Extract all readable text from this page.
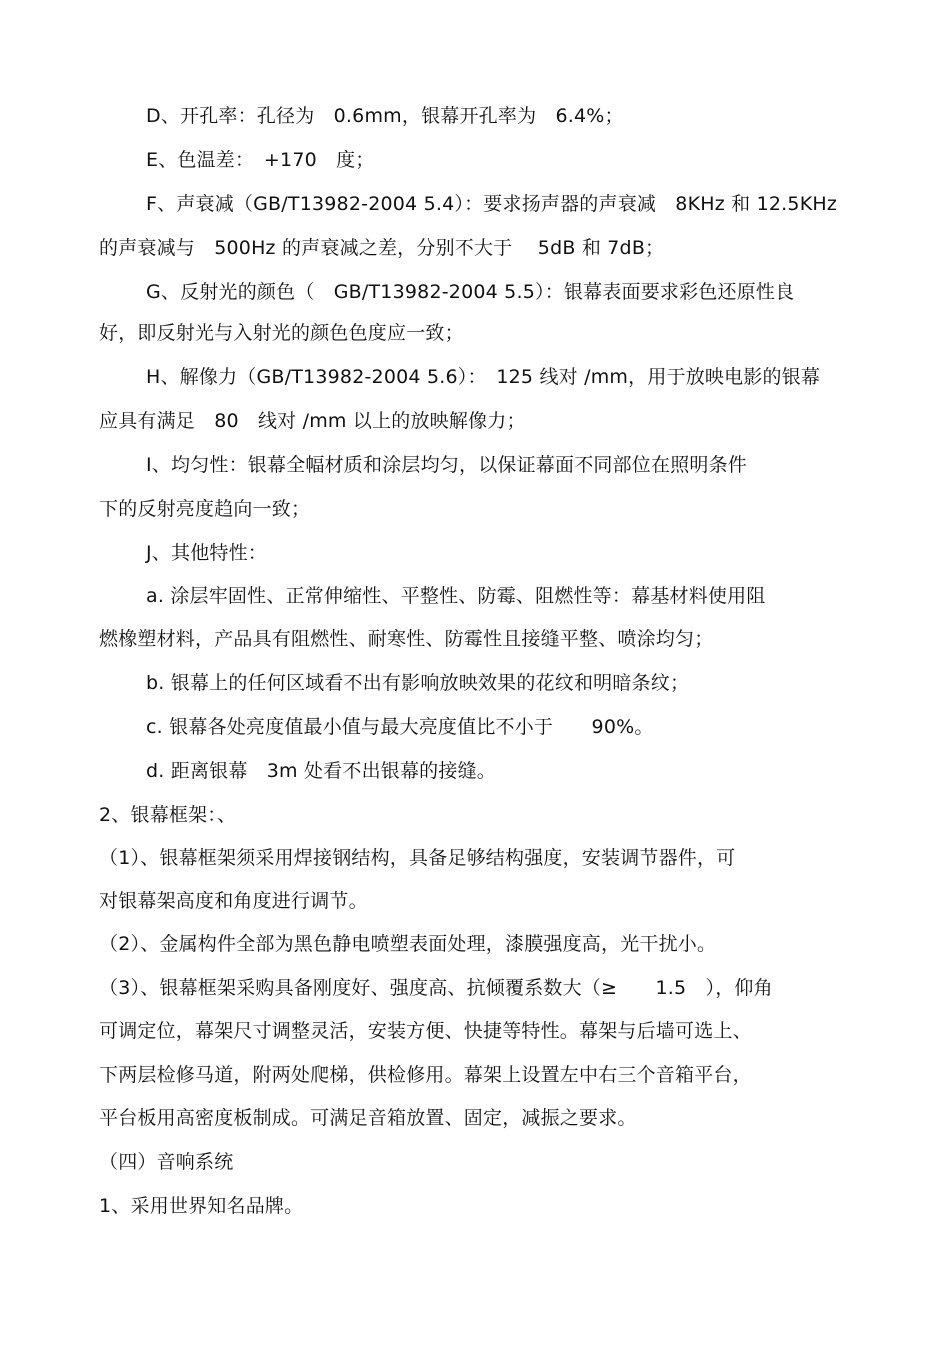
D、开孔率：孔径为　0.6mm，银幕开孔率为　6.4%；
E、色温差：　+170　度；
F、声衰减（GB/T13982-2004 5.4）：要求扬声器的声衰减　8KHz 和 12.5KHz
的声衰减与　500Hz 的声衰减之差，分别不大于　 5dB 和 7dB；
G、反射光的颜色（　GB/T13982-2004 5.5）：银幕表面要求彩色还原性良
好，即反射光与入射光的颜色色度应一致；
H、解像力（GB/T13982-2004 5.6）：　125 线对 /mm，用于放映电影的银幕
应具有满足　80　线对 /mm 以上的放映解像力；
I、均匀性：银幕全幅材质和涂层均匀，以保证幕面不同部位在照明条件
下的反射亮度趋向一致；
J、其他特性：
a. 涂层牢固性、正常伸缩性、平整性、防霉、阻燃性等：幕基材料使用阻
燃橡塑材料，产品具有阻燃性、耐寒性、防霉性且接缝平整、喷涂均匀；
b. 银幕上的任何区域看不出有影响放映效果的花纹和明暗条纹；
c. 银幕各处亮度值最小值与最大亮度值比不小于　　90%。
d. 距离银幕　3m 处看不出银幕的接缝。
2、银幕框架：、
（1）、银幕框架须采用焊接钢结构，具备足够结构强度，安装调节器件，可
对银幕架高度和角度进行调节。
（2）、金属构件全部为黑色静电喷塑表面处理，漆膜强度高，光干扰小。
（3）、银幕框架采购具备刚度好、强度高、抗倾覆系数大（≥　　1.5　），仰角
可调定位，幕架尺寸调整灵活，安装方便、快捷等特性。幕架与后墙可选上、
下两层检修马道，附两处爬梯，供检修用。幕架上设置左中右三个音箱平台，
平台板用高密度板制成。可满足音箱放置、固定，减振之要求。
（四）音响系统
1、采用世界知名品牌。
